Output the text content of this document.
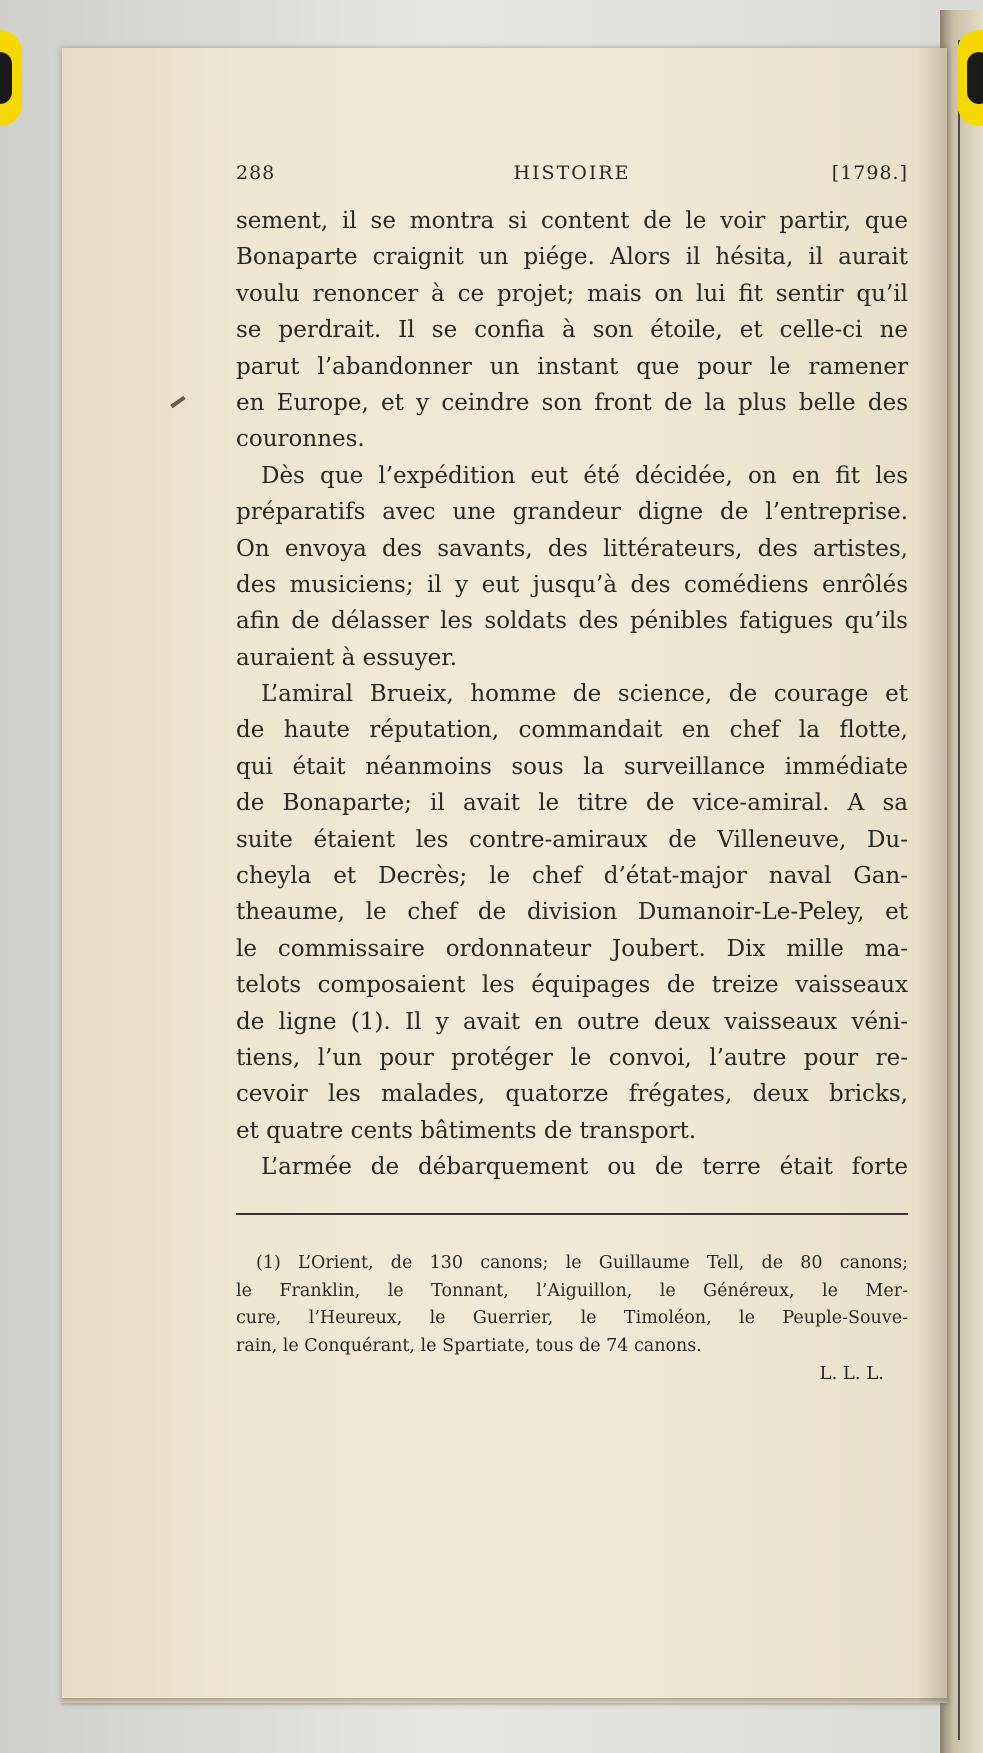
288	HISTOIRE	[1798.]
sement, il se montra si content de le voir partir, que
Bonaparte craignit un piége. Alors il hésita, il aurait
voulu renoncer à ce projet; mais on lui fit sentir qu’il
se perdrait. Il se confia à son étoile, et celle-ci ne
parut l’abandonner un instant que pour le ramener
en Europe, et y ceindre son front de la plus belle des
couronnes.
Dès que l’expédition eut été décidée, on en fit les
préparatifs avec une grandeur digne de l’entreprise.
On envoya des savants, des littérateurs, des artistes,
des musiciens; il y eut jusqu’à des comédiens enrôlés
afin de délasser les soldats des pénibles fatigues qu’ils
auraient à essuyer.
L’amiral Brueix, homme de science, de courage et
de haute réputation, commandait en chef la flotte,
qui était néanmoins sous la surveillance immédiate
de Bonaparte; il avait le titre de vice-amiral. A sa
suite étaient les contre-amiraux de Villeneuve, Du-
cheyla et Decrès; le chef d’état-major naval Gan-
theaume, le chef de division Dumanoir-Le-Peley, et
le commissaire ordonnateur Joubert. Dix mille ma-
telots composaient les équipages de treize vaisseaux
de ligne (1). Il y avait en outre deux vaisseaux véni-
tiens, l’un pour protéger le convoi, l’autre pour re-
cevoir les malades, quatorze frégates, deux bricks,
et quatre cents bâtiments de transport.
L’armée de débarquement ou de terre était forte
(1) L’Orient, de 130 canons; le Guillaume Tell, de 80 canons;
le Franklin, le Tonnant, l’Aiguillon, le Généreux, le Mer-
cure, l’Heureux, le Guerrier, le Timoléon, le Peuple-Souve-
rain, le Conquérant, le Spartiate, tous de 74 canons.
L. L. L.
